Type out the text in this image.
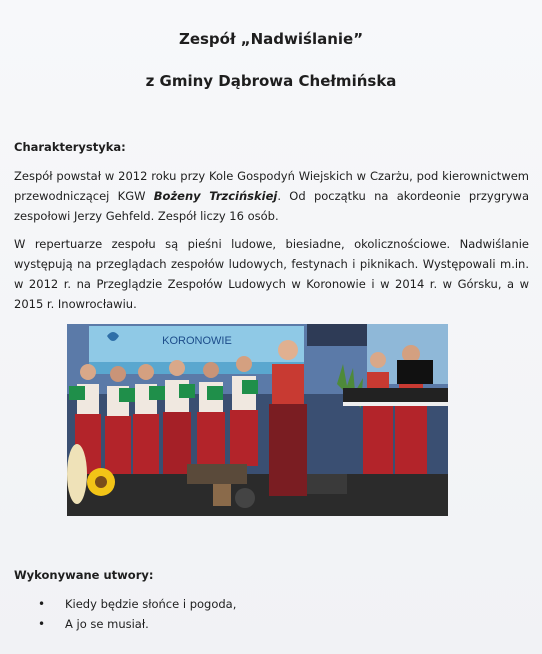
Zespół „Nadwiślanie”
z Gminy Dąbrowa Chełmińska
Charakterystyka:

Zespół powstał w 2012 roku przy Kole Gospodyń Wiejskich w Czarżu, pod kierownictwem przewodniczącej KGW Bożeny Trzcińskiej. Od początku na akordeonie przygrywa zespołowi Jerzy Gehfeld. Zespół liczy 16 osób.

W repertuarze zespołu są pieśni ludowe, biesiadne, okolicznościowe. Nadwiślanie występują na przeglądach zespołów ludowych, festynach i piknikach. Występowali m.in. w 2012 r. na Przeglądzie Zespołów Ludowych w Koronowie i w 2014 r. w Górsku, a w 2015 r. Inowrocławiu.

KORONOWIE
Wykonywane utwory:
• Kiedy będzie słońce i pogoda,
• A jo se musiał.
